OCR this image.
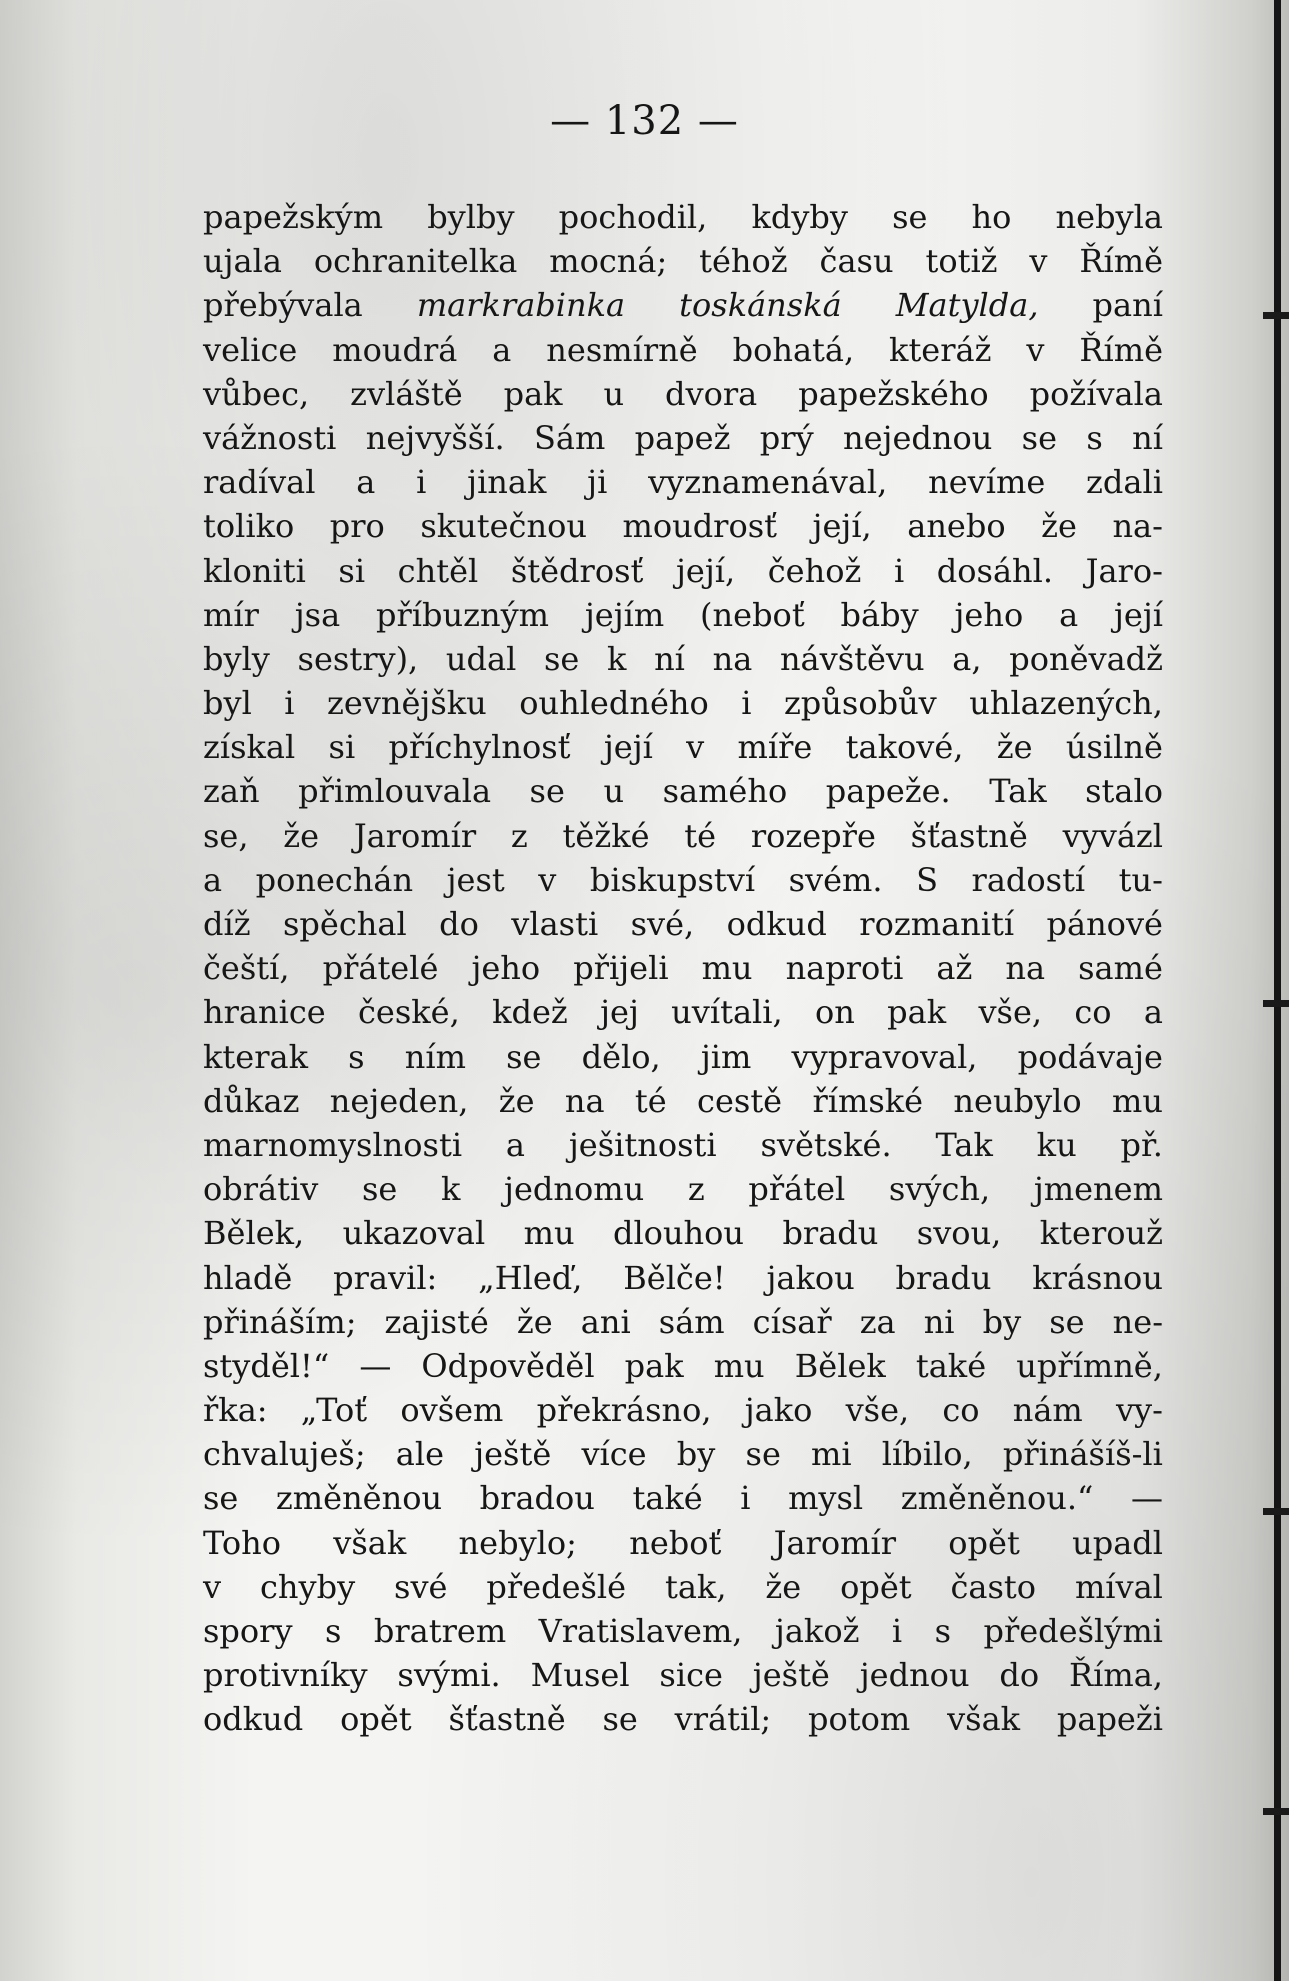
— 132 —
papežským bylby pochodil, kdyby se ho nebyla
ujala ochranitelka mocná; téhož času totiž v Římě
přebývala markrabinka toskánská Matylda, paní
velice moudrá a nesmírně bohatá, kteráž v Římě
vůbec, zvláště pak u dvora papežského požívala
vážnosti nejvyšší. Sám papež prý nejednou se s ní
radíval a i jinak ji vyznamenával, nevíme zdali
toliko pro skutečnou moudrosť její, anebo že na-
kloniti si chtěl štědrosť její, čehož i dosáhl. Jaro-
mír jsa příbuzným jejím (neboť báby jeho a její
byly sestry), udal se k ní na návštěvu a, poněvadž
byl i zevnějšku ouhledného i způsobův uhlazených,
získal si příchylnosť její v míře takové, že úsilně
zaň přimlouvala se u samého papeže. Tak stalo
se, že Jaromír z těžké té rozepře šťastně vyvázl
a ponechán jest v biskupství svém. S radostí tu-
díž spěchal do vlasti své, odkud rozmanití pánové
čeští, přátelé jeho přijeli mu naproti až na samé
hranice české, kdež jej uvítali, on pak vše, co a
kterak s ním se dělo, jim vypravoval, podávaje
důkaz nejeden, že na té cestě římské neubylo mu
marnomyslnosti a ješitnosti světské. Tak ku př.
obrátiv se k jednomu z přátel svých, jmenem
Bělek, ukazoval mu dlouhou bradu svou, kterouž
hladě pravil: „Hleď, Bělče! jakou bradu krásnou
přináším; zajisté že ani sám císař za ni by se ne-
styděl!“ — Odpověděl pak mu Bělek také upřímně,
řka: „Toť ovšem překrásno, jako vše, co nám vy-
chvaluješ; ale ještě více by se mi líbilo, přinášíš-li
se změněnou bradou také i mysl změněnou.“ —
Toho však nebylo; neboť Jaromír opět upadl
v chyby své předešlé tak, že opět často míval
spory s bratrem Vratislavem, jakož i s předešlými
protivníky svými. Musel sice ještě jednou do Říma,
odkud opět šťastně se vrátil; potom však papeži
